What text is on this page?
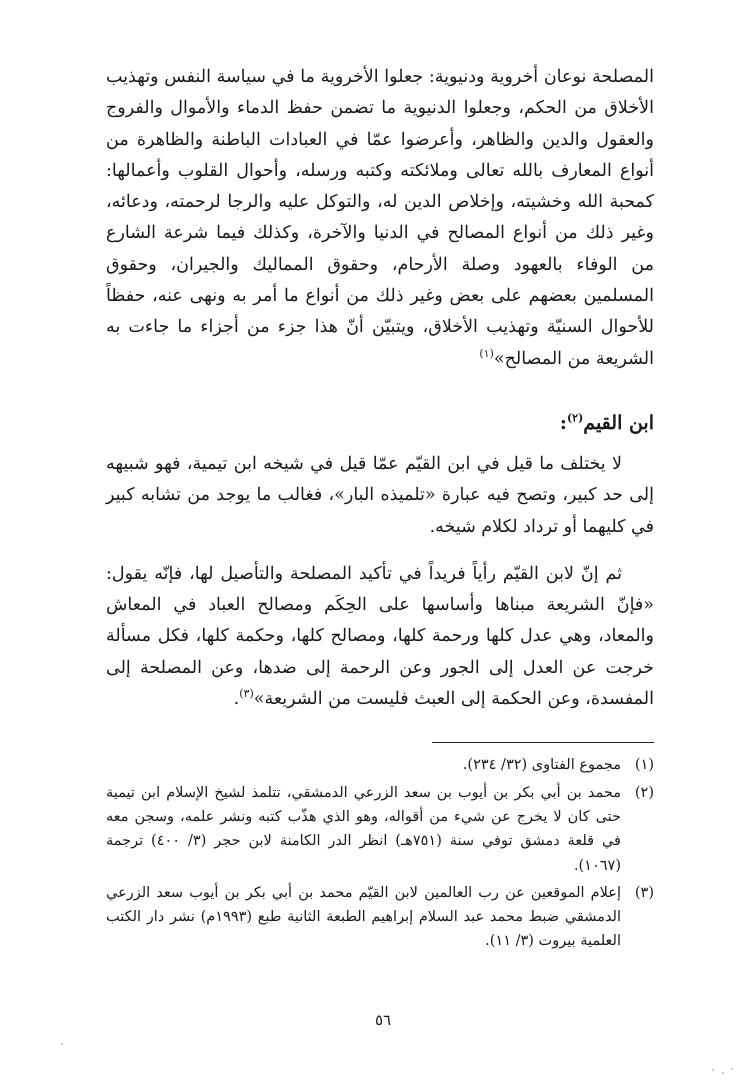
المصلحة نوعان أخروية ودنيوية: جعلوا الأخروية ما في سياسة النفس وتهذيب الأخلاق من الحكم، وجعلوا الدنيوية ما تضمن حفظ الدماء والأموال والفروج والعقول والدين والظاهر، وأعرضوا عمّا في العبادات الباطنة والظاهرة من أنواع المعارف بالله تعالى وملائكته وكتبه ورسله، وأحوال القلوب وأعمالها: كمحبة الله وخشيته، وإخلاص الدين له، والتوكل عليه والرجا لرحمته، ودعائه، وغير ذلك من أنواع المصالح في الدنيا والآخرة، وكذلك فيما شرعة الشارع من الوفاء بالعهود وصلة الأرحام، وحقوق المماليك والجيران، وحقوق المسلمين بعضهم على بعض وغير ذلك من أنواع ما أمر به ونهى عنه، حفظاً للأحوال السنيّة وتهذيب الأخلاق، ويتبيّن أنّ هذا جزء من أجزاء ما جاءت به الشريعة من المصالح»$^{(١)}$

ابن القيم$^{(٢)}$:

لا يختلف ما قيل في ابن القيّم عمّا قيل في شيخه ابن تيمية، فهو شبيهه إلى حد كبير، وتصح فيه عبارة «تلميذه البار»، فغالب ما يوجد من تشابه كبير في كليهما أو ترداد لكلام شيخه.

ثم إنّ لابن القيّم رأياً فريداً في تأكيد المصلحة والتأصيل لها، فإنّه يقول: «فإنّ الشريعة مبناها وأساسها على الحِكَم ومصالح العباد في المعاش والمعاد، وهي عدل كلها ورحمة كلها، ومصالح كلها، وحكمة كلها، فكل مسألة خرجت عن العدل إلى الجور وعن الرحمة إلى ضدها، وعن المصلحة إلى المفسدة، وعن الحكمة إلى العبث فليست من الشريعة»$^{(٣)}$.

(١)
مجموع الفتاوى (٣٢/ ٢٣٤).
(٢)
محمد بن أبي بكر بن أيوب بن سعد الزرعي الدمشقي، تتلمذ لشيخ الإسلام ابن تيمية حتى كان لا يخرج عن شيء من أقواله، وهو الذي هذّب كتبه ونشر علمه، وسجن معه في قلعة دمشق توفي سنة (٧٥١هـ) انظر الدر الكامنة لابن حجر (٣/ ٤٠٠) ترجمة (١٠٦٧).
(٣)
إعلام الموقعين عن رب العالمين لابن القيّم محمد بن أبي بكر بن أيوب سعد الزرعي الدمشقي ضبط محمد عبد السلام إبراهيم الطبعة الثانية طبع (١٩٩٣م) نشر دار الكتب العلمية بيروت (٣/ ١١).
٥٦
